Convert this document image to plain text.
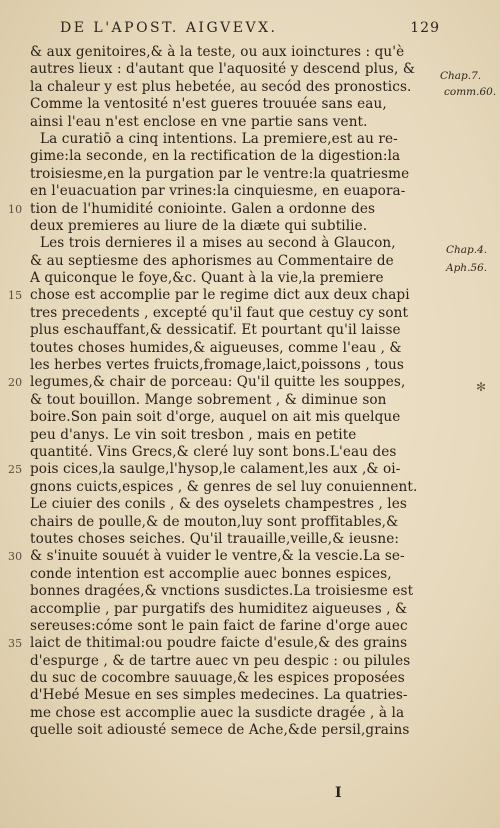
DE L'APOST. AIGVEVX.	129
& aux genitoires,& à la teste, ou aux ioinctures : qu'è
autres lieux : d'autant que l'aquosité y descend plus, &
la chaleur y est plus hebetée, au secód des pronostics.
Comme la ventosité n'est gueres trouuée sans eau,
ainsi l'eau n'est enclose en vne partie sans vent.
La curatiō a cinq intentions. La premiere,est au re-
gime:la seconde, en la rectification de la digestion:la
troisiesme,en la purgation par le ventre:la quatriesme
en l'euacuation par vrines:la cinquiesme, en euapora-
10 tion de l'humidité coniointe. Galen a ordonne des
deux premieres au liure de la diæte qui subtilie.
Les trois dernieres il a mises au second à Glaucon,
& au septiesme des aphorismes au Commentaire de
A quiconque le foye,&c. Quant à la vie,la premiere
15 chose est accomplie par le regime dict aux deux chapi
tres precedents , excepté qu'il faut que cestuy cy sont
plus eschauffant,& dessicatif. Et pourtant qu'il laisse
toutes choses humides,& aigueuses, comme l'eau , &
les herbes vertes fruicts,fromage,laict,poissons , tous
20 legumes,& chair de porceau: Qu'il quitte les souppes,
& tout bouillon. Mange sobrement , & diminue son
boire.Son pain soit d'orge, auquel on ait mis quelque
peu d'anys. Le vin soit tresbon , mais en petite
quantité. Vins Grecs,& cleré luy sont bons.L'eau des
25 pois cices,la saulge,l'hysop,le calament,les aux ,& oi-
gnons cuicts,espices , & genres de sel luy conuiennent.
Le ciuier des conils , & des oyselets champestres , les
chairs de poulle,& de mouton,luy sont proffitables,&
toutes choses seiches. Qu'il trauaille,veille,& ieusne:
30 & s'inuite souuét à vuider le ventre,& la vescie.La se-
conde intention est accomplie auec bonnes espices,
bonnes dragées,& vnctions susdictes.La troisiesme est
accomplie , par purgatifs des humiditez aigueuses , &
sereuses:cóme sont le pain faict de farine d'orge auec
35 laict de thitimal:ou poudre faicte d'esule,& des grains
d'espurge , & de tartre auec vn peu despic : ou pilules
du suc de cocombre sauuage,& les espices proposées
d'Hebé Mesue en ses simples medecines. La quatries-
me chose est accomplie auec la susdicte dragée , à la
quelle soit adiousté semece de Ache,&de persil,grains
Chap.7.
comm.60.
Chap.4.
Aph.56.
✻
I
